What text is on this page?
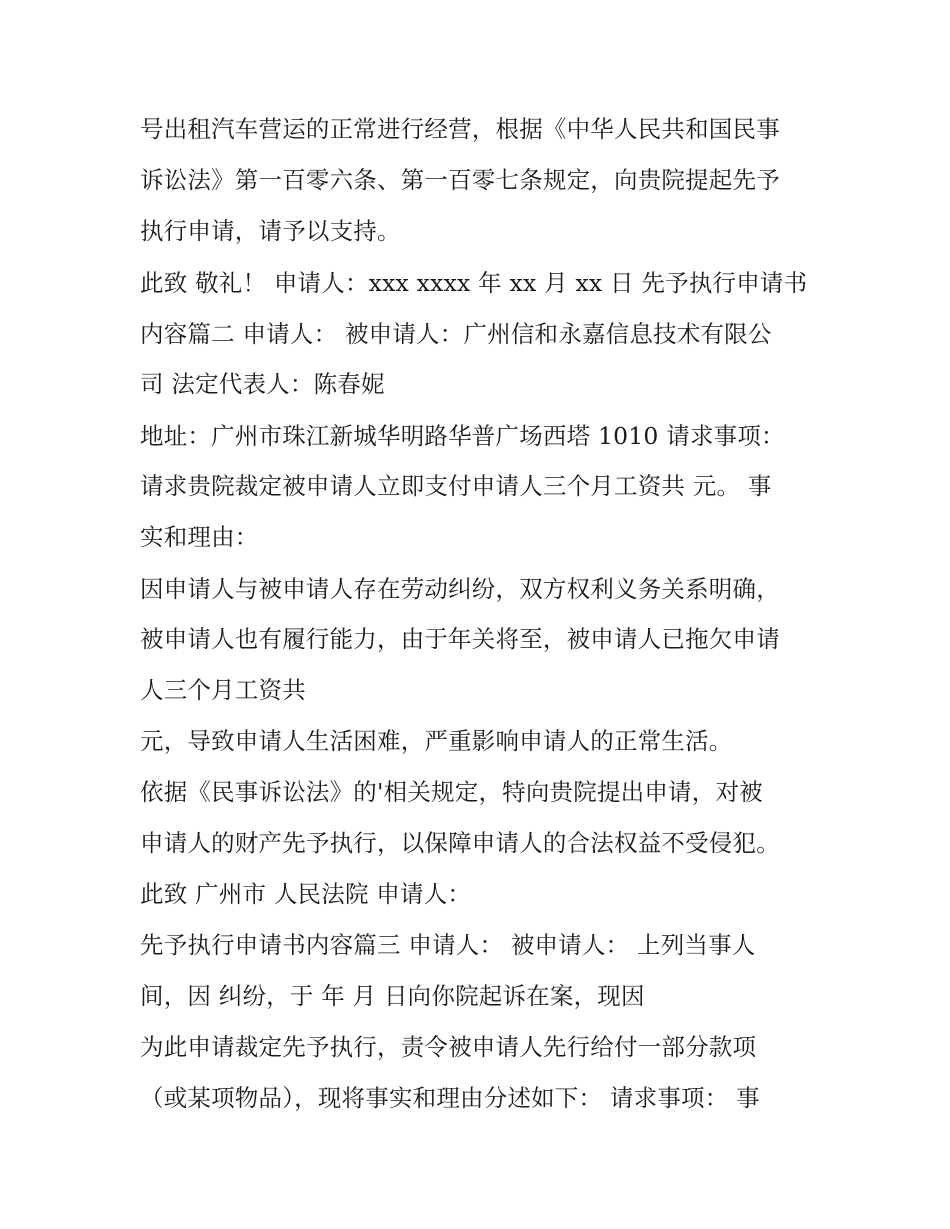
号出租汽车营运的正常进行经营，根据《中华人民共和国民事
诉讼法》第一百零六条、第一百零七条规定，向贵院提起先予
执行申请，请予以支持。
此致 敬礼！ 申请人：xxx xxxx 年 xx 月 xx 日 先予执行申请书
内容篇二 申请人： 被申请人：广州信和永嘉信息技术有限公
司 法定代表人：陈春妮
地址：广州市珠江新城华明路华普广场西塔 1010 请求事项：
请求贵院裁定被申请人立即支付申请人三个月工资共 元。 事
实和理由：
因申请人与被申请人存在劳动纠纷，双方权利义务关系明确，
被申请人也有履行能力，由于年关将至，被申请人已拖欠申请
人三个月工资共
元，导致申请人生活困难，严重影响申请人的正常生活。
依据《民事诉讼法》的'相关规定，特向贵院提出申请，对被
申请人的财产先予执行，以保障申请人的合法权益不受侵犯。
此致 广州市 人民法院 申请人：
先予执行申请书内容篇三 申请人： 被申请人： 上列当事人
间，因 纠纷，于 年 月 日向你院起诉在案，现因
为此申请裁定先予执行，责令被申请人先行给付一部分款项
（或某项物品），现将事实和理由分述如下： 请求事项： 事
